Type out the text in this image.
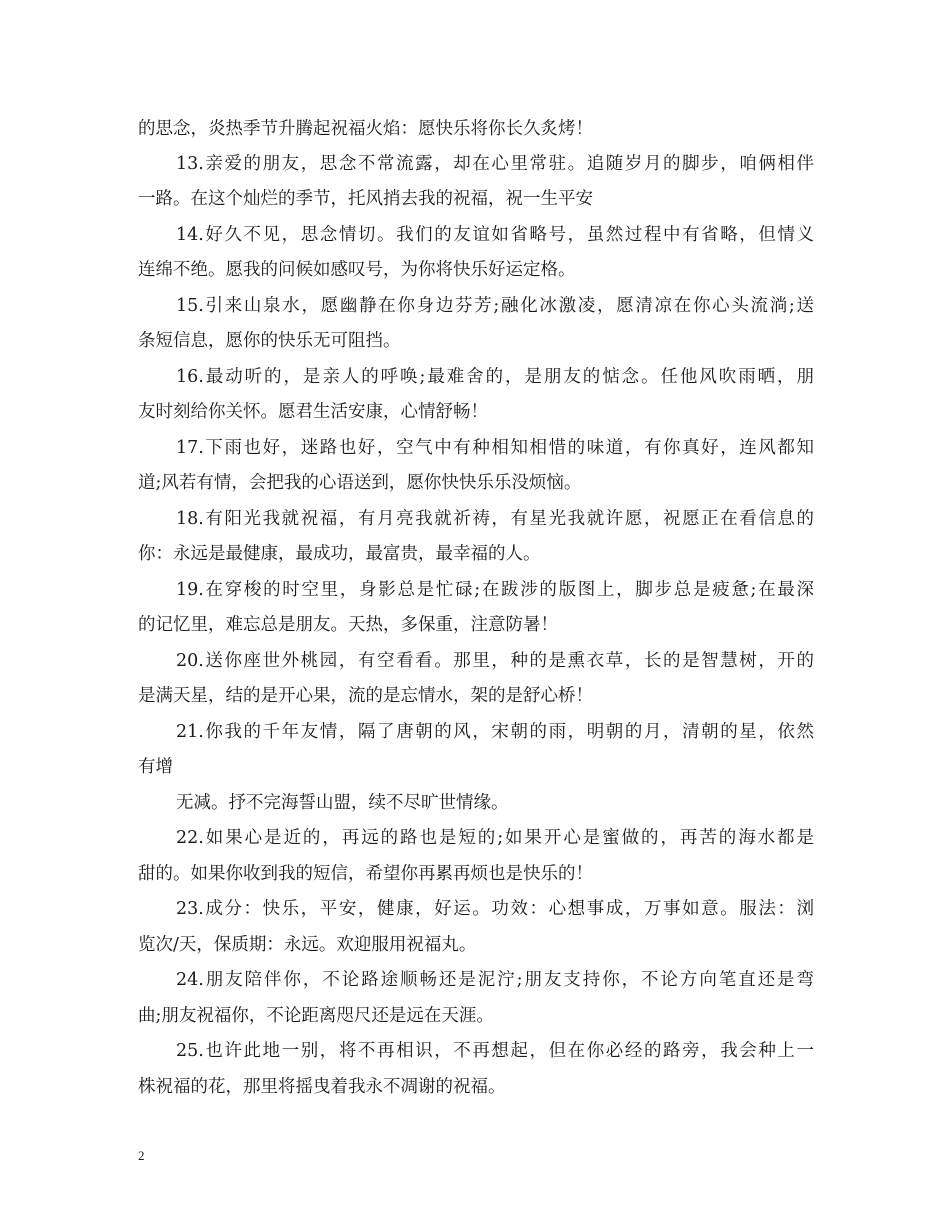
的思念，炎热季节升腾起祝福火焰：愿快乐将你长久炙烤！
13.亲爱的朋友，思念不常流露，却在心里常驻。追随岁月的脚步，咱俩相伴
一路。在这个灿烂的季节，托风捎去我的祝福，祝一生平安
14.好久不见，思念情切。我们的友谊如省略号，虽然过程中有省略，但情义
连绵不绝。愿我的问候如感叹号，为你将快乐好运定格。
15.引来山泉水，愿幽静在你身边芬芳;融化冰激凌，愿清凉在你心头流淌;送
条短信息，愿你的快乐无可阻挡。
16.最动听的，是亲人的呼唤;最难舍的，是朋友的惦念。任他风吹雨晒，朋
友时刻给你关怀。愿君生活安康，心情舒畅！
17.下雨也好，迷路也好，空气中有种相知相惜的味道，有你真好，连风都知
道;风若有情，会把我的心语送到，愿你快快乐乐没烦恼。
18.有阳光我就祝福，有月亮我就祈祷，有星光我就许愿，祝愿正在看信息的
你：永远是最健康，最成功，最富贵，最幸福的人。
19.在穿梭的时空里，身影总是忙碌;在跋涉的版图上，脚步总是疲惫;在最深
的记忆里，难忘总是朋友。天热，多保重，注意防暑！
20.送你座世外桃园，有空看看。那里，种的是熏衣草，长的是智慧树，开的
是满天星，结的是开心果，流的是忘情水，架的是舒心桥！
21.你我的千年友情，隔了唐朝的风，宋朝的雨，明朝的月，清朝的星，依然
有增
无减。抒不完海誓山盟，续不尽旷世情缘。
22.如果心是近的，再远的路也是短的;如果开心是蜜做的，再苦的海水都是
甜的。如果你收到我的短信，希望你再累再烦也是快乐的！
23.成分：快乐，平安，健康，好运。功效：心想事成，万事如意。服法：浏
览次/天，保质期：永远。欢迎服用祝福丸。
24.朋友陪伴你，不论路途顺畅还是泥泞;朋友支持你，不论方向笔直还是弯
曲;朋友祝福你，不论距离咫尺还是远在天涯。
25.也许此地一别，将不再相识，不再想起，但在你必经的路旁，我会种上一
株祝福的花，那里将摇曳着我永不凋谢的祝福。
2
